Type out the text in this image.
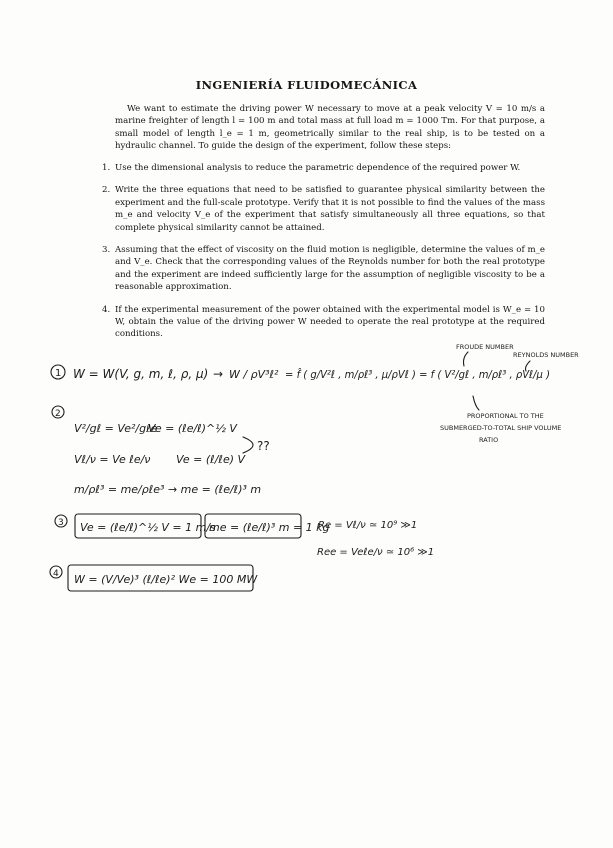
INGENIERÍA FLUIDOMECÁNICA

We want to estimate the driving power W necessary to move at a peak velocity V = 10 m/s a marine freighter of length l = 100 m and total mass at full load m = 1000 Tm. For that purpose, a small model of length l_e = 1 m, geometrically similar to the real ship, is to be tested on a hydraulic channel. To guide the design of the experiment, follow these steps:

1. Use the dimensional analysis to reduce the parametric dependence of the required power W.
2. Write the three equations that need to be satisfied to guarantee physical similarity between the experiment and the full-scale prototype. Verify that it is not possible to find the values of the mass m_e and velocity V_e of the experiment that satisfy simultaneously all three equations, so that complete physical similarity cannot be attained.
3. Assuming that the effect of viscosity on the fluid motion is negligible, determine the values of m_e and V_e. Check that the corresponding values of the Reynolds number for both the real prototype and the experiment are indeed sufficiently large for the assumption of negligible viscosity to be a reasonable approximation.
4. If the experimental measurement of the power obtained with the experimental model is W_e = 10 W, obtain the value of the driving power W needed to operate the real prototype at the required conditions.
1 W = W(V, g, m, ℓ, ρ, μ) → W / ρV³ℓ² = f̂ ( g/V²ℓ , m/ρℓ³ , μ/ρVℓ ) = f ( V²/gℓ , m/ρℓ³ , ρVℓ/μ )
FROUDE NUMBER
REYNOLDS NUMBER
PROPORTIONAL TO THE
SUBMERGED-TO-TOTAL SHIP VOLUME
RATIO
2
V²/gℓ = Ve²/gℓe
Ve = (ℓe/ℓ)^½ V
Vℓ/ν = Ve ℓe/ν Ve = (ℓ/ℓe) V
??
m/ρℓ³ = me/ρℓe³ → me = (ℓe/ℓ)³ m
3 Ve = (ℓe/ℓ)^½ V = 1 m/s
me = (ℓe/ℓ)³ m = 1 kg
Re = Vℓ/ν ≃ 10⁹ ≫1
Ree = Veℓe/ν ≃ 10⁶ ≫1
4 W = (V/Ve)³ (ℓ/ℓe)² We = 100 MW
